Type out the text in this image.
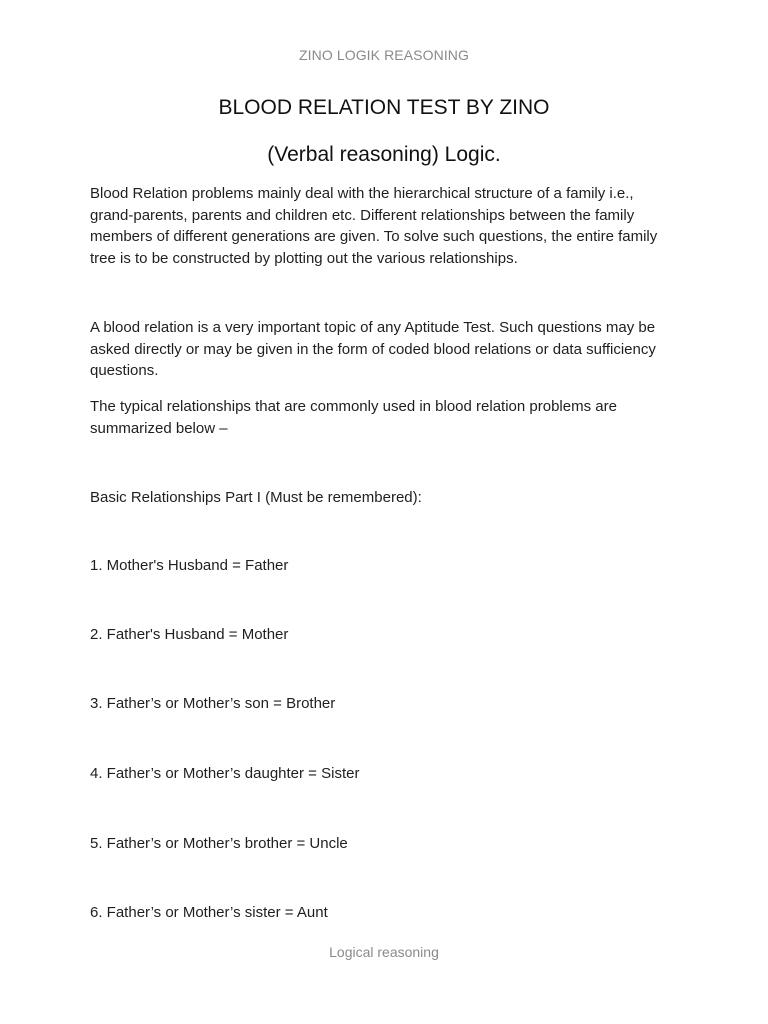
ZINO LOGIK REASONING
BLOOD RELATION TEST BY ZINO
(Verbal reasoning) Logic.

Blood Relation problems mainly deal with the hierarchical structure of a family i.e., grand-parents, parents and children etc. Different relationships between the family members of different generations are given. To solve such questions, the entire family tree is to be constructed by plotting out the various relationships.

A blood relation is a very important topic of any Aptitude Test. Such questions may be asked directly or may be given in the form of coded blood relations or data sufficiency questions.

The typical relationships that are commonly used in blood relation problems are summarized below –

Basic Relationships Part I (Must be remembered):

1. Mother's Husband = Father

2. Father's Husband = Mother

3. Father’s or Mother’s son = Brother

4. Father’s or Mother’s daughter = Sister

5. Father’s or Mother’s brother = Uncle

6. Father’s or Mother’s sister = Aunt

Logical reasoning
